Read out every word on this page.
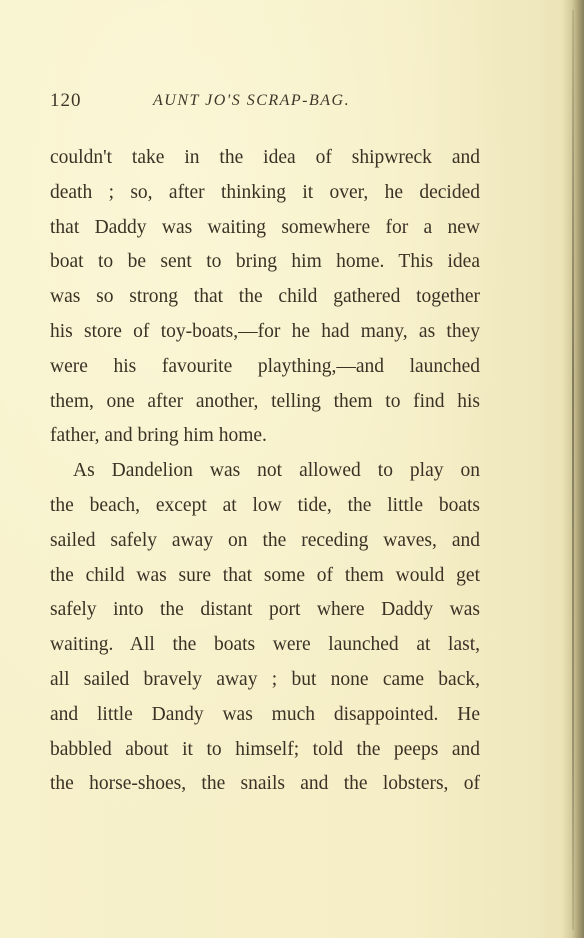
120	AUNT JO'S SCRAP-BAG.
couldn't take in the idea of shipwreck and
death ; so, after thinking it over, he decided
that Daddy was waiting somewhere for a new
boat to be sent to bring him home. This idea
was so strong that the child gathered together
his store of toy-boats,—for he had many, as they
were his favourite plaything,—and launched
them, one after another, telling them to find his
father, and bring him home.
As Dandelion was not allowed to play on
the beach, except at low tide, the little boats
sailed safely away on the receding waves, and
the child was sure that some of them would get
safely into the distant port where Daddy was
waiting. All the boats were launched at last,
all sailed bravely away ; but none came back,
and little Dandy was much disappointed. He
babbled about it to himself; told the peeps and
the horse-shoes, the snails and the lobsters, of
